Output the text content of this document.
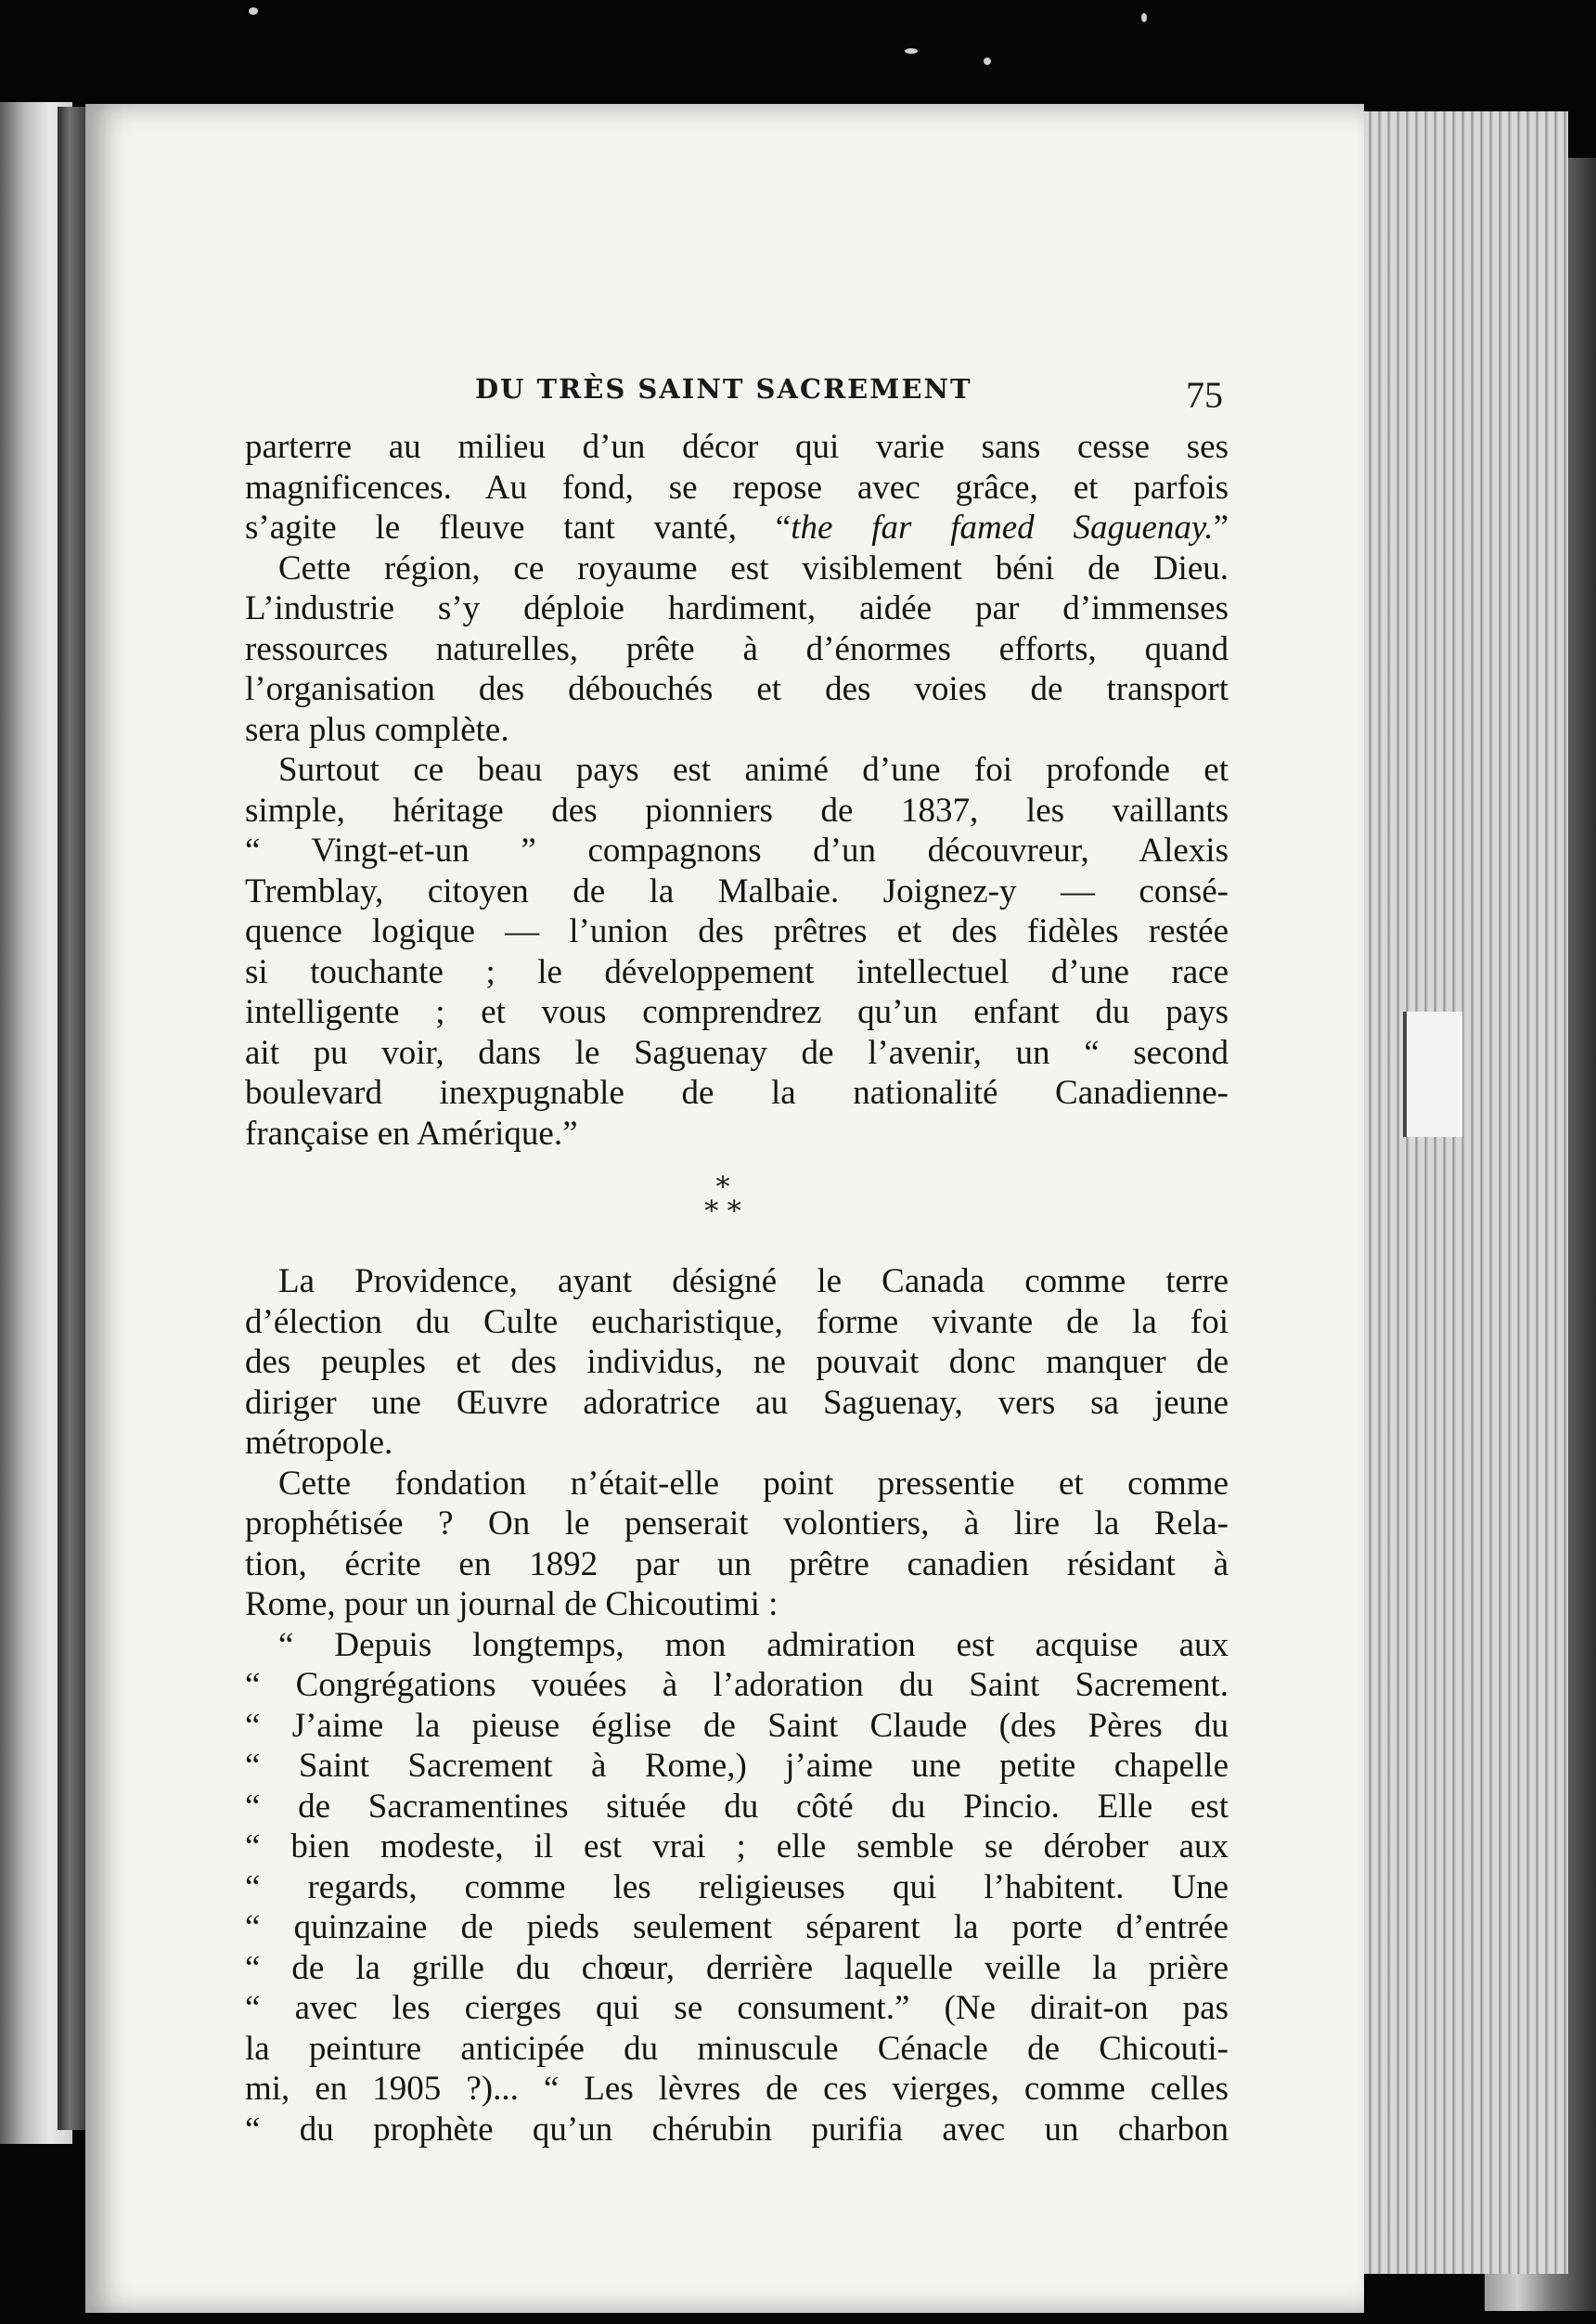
DU TRÈS SAINT SACREMENT	75

parterre au milieu d’un décor qui varie sans cesse ses
magnificences. Au fond, se repose avec grâce, et parfois
s’agite le fleuve tant vanté, “the far famed Saguenay.”

Cette région, ce royaume est visiblement béni de Dieu.
L’industrie s’y déploie hardiment, aidée par d’immenses
ressources naturelles, prête à d’énormes efforts, quand
l’organisation des débouchés et des voies de transport
sera plus complète.

Surtout ce beau pays est animé d’une foi profonde et
simple, héritage des pionniers de 1837, les vaillants
“ Vingt-et-un ” compagnons d’un découvreur, Alexis
Tremblay, citoyen de la Malbaie. Joignez-y — consé-
quence logique — l’union des prêtres et des fidèles restée
si touchante ; le développement intellectuel d’une race
intelligente ; et vous comprendrez qu’un enfant du pays
ait pu voir, dans le Saguenay de l’avenir, un “ second
boulevard inexpugnable de la nationalité Canadienne-
française en Amérique.”

La Providence, ayant désigné le Canada comme terre
d’élection du Culte eucharistique, forme vivante de la foi
des peuples et des individus, ne pouvait donc manquer de
diriger une Œuvre adoratrice au Saguenay, vers sa jeune
métropole.

Cette fondation n’était-elle point pressentie et comme
prophétisée ? On le penserait volontiers, à lire la Rela-
tion, écrite en 1892 par un prêtre canadien résidant à
Rome, pour un journal de Chicoutimi :

“ Depuis longtemps, mon admiration est acquise aux
“ Congrégations vouées à l’adoration du Saint Sacrement.
“ J’aime la pieuse église de Saint Claude (des Pères du
“ Saint Sacrement à Rome,) j’aime une petite chapelle
“ de Sacramentines située du côté du Pincio. Elle est
“ bien modeste, il est vrai ; elle semble se dérober aux
“ regards, comme les religieuses qui l’habitent. Une
“ quinzaine de pieds seulement séparent la porte d’entrée
“ de la grille du chœur, derrière laquelle veille la prière
“ avec les cierges qui se consument.” (Ne dirait-on pas
la peinture anticipée du minuscule Cénacle de Chicouti-
mi, en 1905 ?)... “ Les lèvres de ces vierges, comme celles
“ du prophète qu’un chérubin purifia avec un charbon

*
* *
